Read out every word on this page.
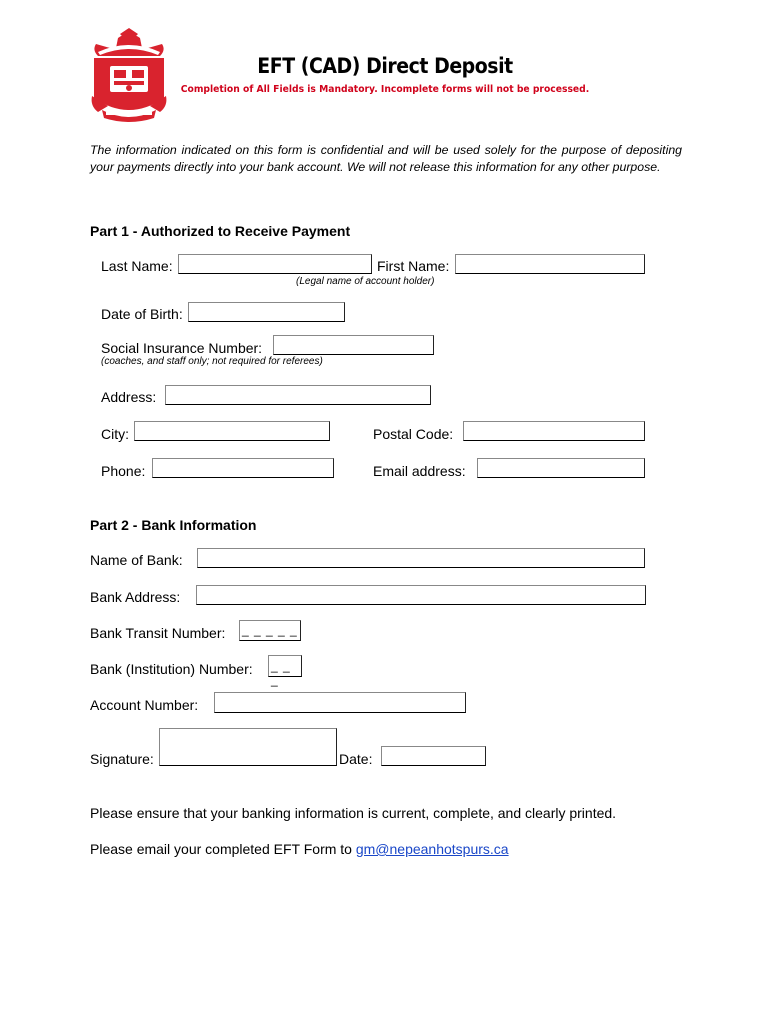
EFT (CAD) Direct Deposit
Completion of All Fields is Mandatory. Incomplete forms will not be processed.
The information indicated on this form is confidential and will be used solely for the purpose of depositing your payments directly into your bank account. We will not release this information for any other purpose.
Part 1 - Authorized to Receive Payment
Last Name:	First Name:
(Legal name of account holder)
Date of Birth:
Social Insurance Number:
(coaches, and staff only; not required for referees)
Address:
City:	Postal Code:
Phone:	Email address:
Part 2 - Bank Information
Name of Bank:
Bank Address:
Bank Transit Number: _ _ _ _ _
Bank (Institution) Number: _ _ _
Account Number:
Signature:	Date:
Please ensure that your banking information is current, complete, and clearly printed.
Please email your completed EFT Form to gm@nepeanhotspurs.ca
